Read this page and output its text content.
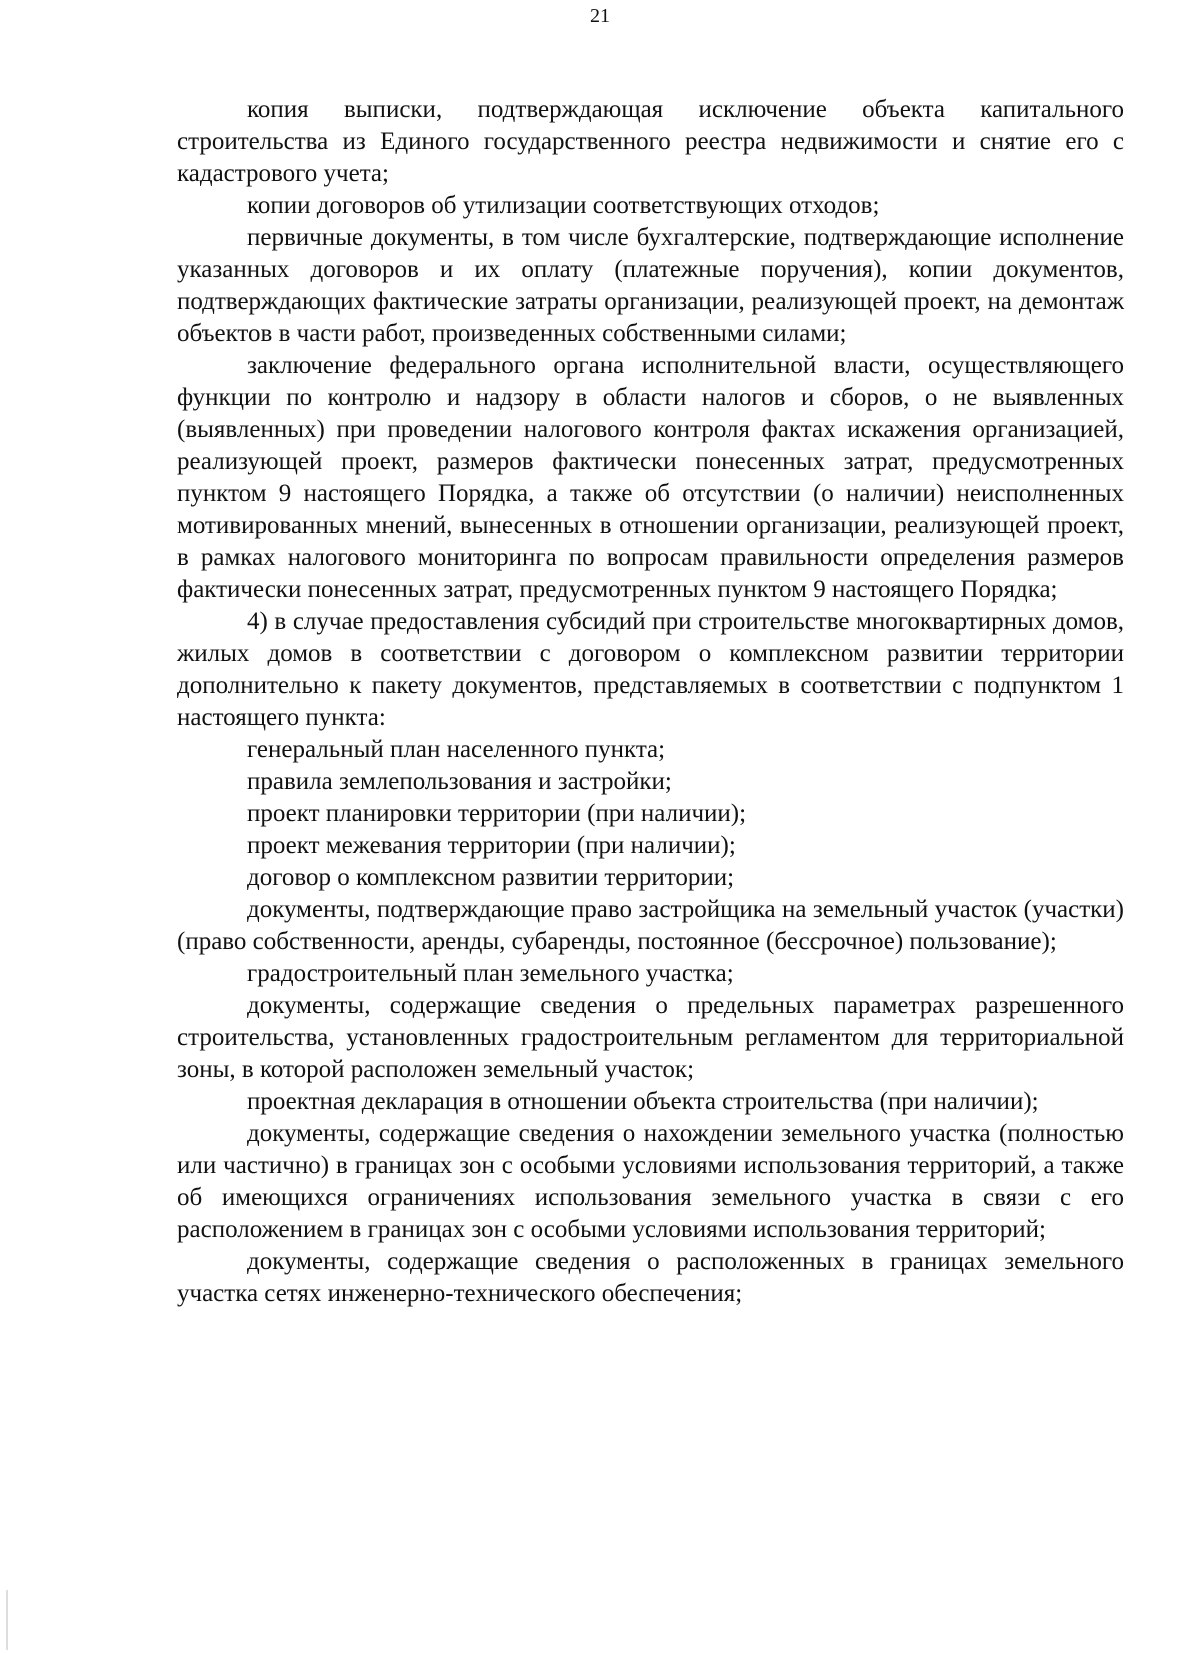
21

копия выписки, подтверждающая исключение объекта капитального строительства из Единого государственного реестра недвижимости и снятие его с кадастрового учета;

копии договоров об утилизации соответствующих отходов;

первичные документы, в том числе бухгалтерские, подтверждающие исполнение указанных договоров и их оплату (платежные поручения), копии документов, подтверждающих фактические затраты организации, реализующей проект, на демонтаж объектов в части работ, произведенных собственными силами;

заключение федерального органа исполнительной власти, осуществляющего функции по контролю и надзору в области налогов и сборов, о не выявленных (выявленных) при проведении налогового контроля фактах искажения организацией, реализующей проект, размеров фактически понесенных затрат, предусмотренных пунктом 9 настоящего Порядка, а также об отсутствии (о наличии) неисполненных мотивированных мнений, вынесенных в отношении организации, реализующей проект, в рамках налогового мониторинга по вопросам правильности определения размеров фактически понесенных затрат, предусмотренных пунктом 9 настоящего Порядка;

4) в случае предоставления субсидий при строительстве многоквартирных домов, жилых домов в соответствии с договором о комплексном развитии территории дополнительно к пакету документов, представляемых в соответствии с подпунктом 1 настоящего пункта:

генеральный план населенного пункта;

правила землепользования и застройки;

проект планировки территории (при наличии);

проект межевания территории (при наличии);

договор о комплексном развитии территории;

документы, подтверждающие право застройщика на земельный участок (участки) (право собственности, аренды, субаренды, постоянное (бессрочное) пользование);

градостроительный план земельного участка;

документы, содержащие сведения о предельных параметрах разрешенного строительства, установленных градостроительным регламентом для территориальной зоны, в которой расположен земельный участок;

проектная декларация в отношении объекта строительства (при наличии);

документы, содержащие сведения о нахождении земельного участка (полностью или частично) в границах зон с особыми условиями использования территорий, а также об имеющихся ограничениях использования земельного участка в связи с его расположением в границах зон с особыми условиями использования территорий;

документы, содержащие сведения о расположенных в границах земельного участка сетях инженерно-технического обеспечения;
